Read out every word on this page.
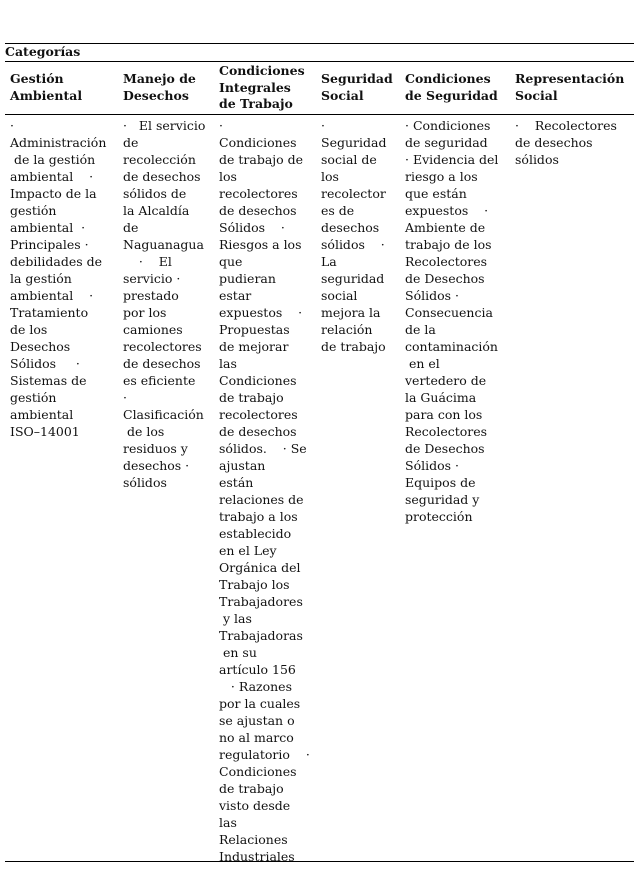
Categorías
Gestión
Ambiental
Manejo de
Desechos
Condiciones
Integrales
de Trabajo
Seguridad
Social
Condiciones
de Seguridad
Representación
Social
·
Administración
de la gestión
ambiental    ·
Impacto de la
gestión
ambiental  ·
Principales ·
debilidades de
la gestión
ambiental    ·
Tratamiento
de los
Desechos
Sólidos     ·
Sistemas de
gestión
ambiental
ISO–14001
·   El servicio
de
recolección
de desechos
sólidos de
la Alcaldía
de
Naguanagua
·    El
servicio ·
prestado
por los
camiones
recolectores
de desechos
es eficiente
·
Clasificación
de los
residuos y
desechos ·
sólidos
·
Condiciones
de trabajo de
los
recolectores
de desechos
Sólidos    ·
Riesgos a los
que
pudieran
estar
expuestos    ·
Propuestas
de mejorar
las
Condiciones
de trabajo
recolectores
de desechos
sólidos.    · Se
ajustan
están
relaciones de
trabajo a los
establecido
en el Ley
Orgánica del
Trabajo los
Trabajadores
y las
Trabajadoras
en su
artículo 156
· Razones
por la cuales
se ajustan o
no al marco
regulatorio    ·
Condiciones
de trabajo
visto desde
las
Relaciones
Industriales
·
Seguridad
social de
los
recolector
es de
desechos
sólidos    ·
La
seguridad
social
mejora la
relación
de trabajo
· Condiciones
de seguridad
· Evidencia del
riesgo a los
que están
expuestos    ·
Ambiente de
trabajo de los
Recolectores
de Desechos
Sólidos ·
Consecuencia
de la
contaminación
en el
vertedero de
la Guácima
para con los
Recolectores
de Desechos
Sólidos ·
Equipos de
seguridad y
protección
·    Recolectores
de desechos
sólidos
